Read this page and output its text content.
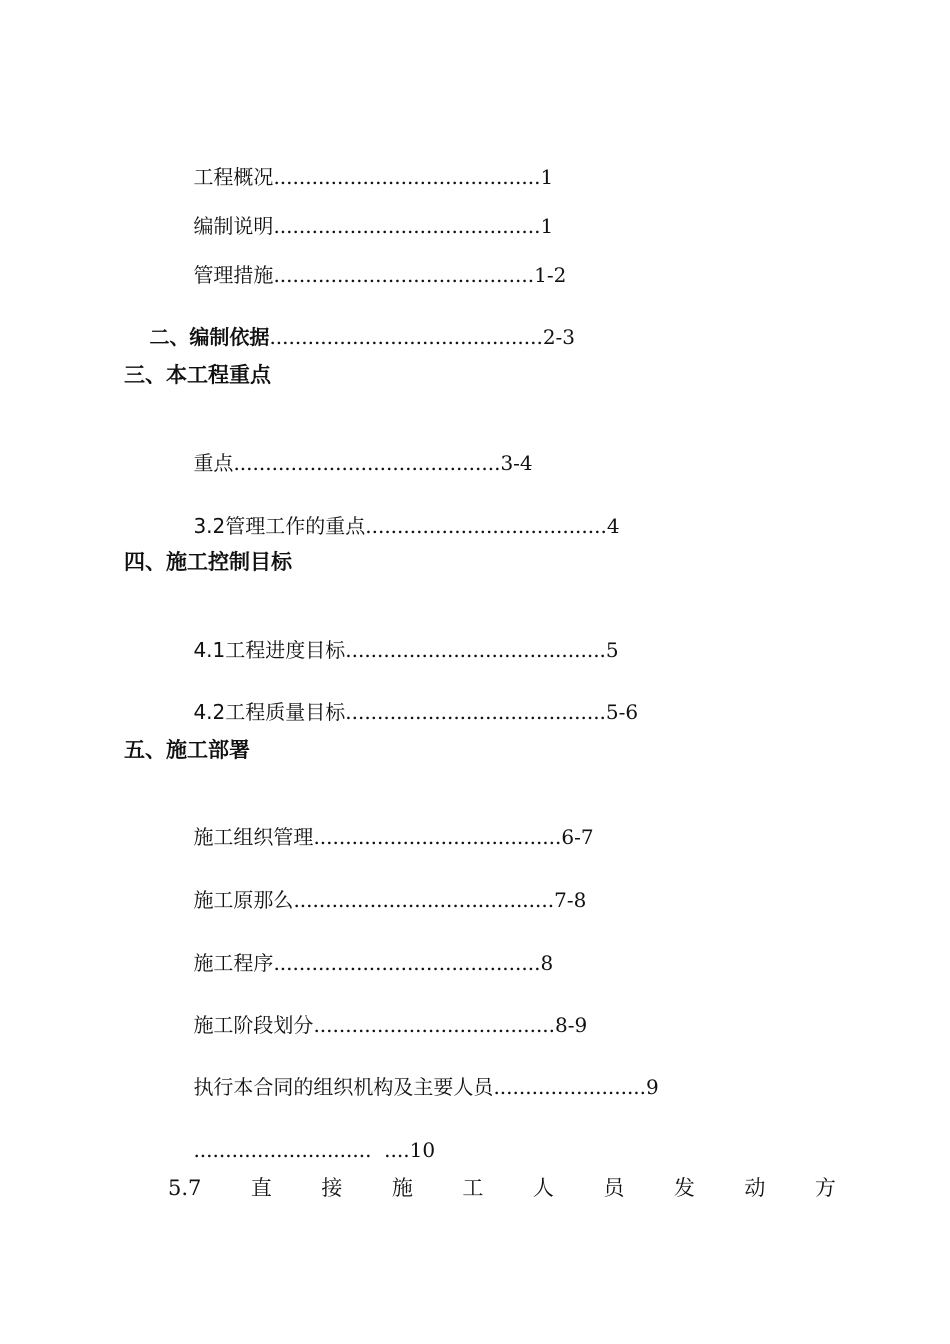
工程概况..........................................1

编制说明..........................................1

管理措施.........................................1-2

二、编制依据...........................................2-3

三、本工程重点

重点..........................................3-4

3.2管理工作的重点......................................4

四、施工控制目标

4.1工程进度目标.........................................5

4.2工程质量目标.........................................5-6

五、施工部署

施工组织管理.......................................6-7

施工原那么.........................................7-8

施工程序..........................................8

施工阶段划分......................................8-9

执行本合同的组织机构及主要人员........................9

............................  ....10

5.7 直 接 施 工 人 员 发 动 方
